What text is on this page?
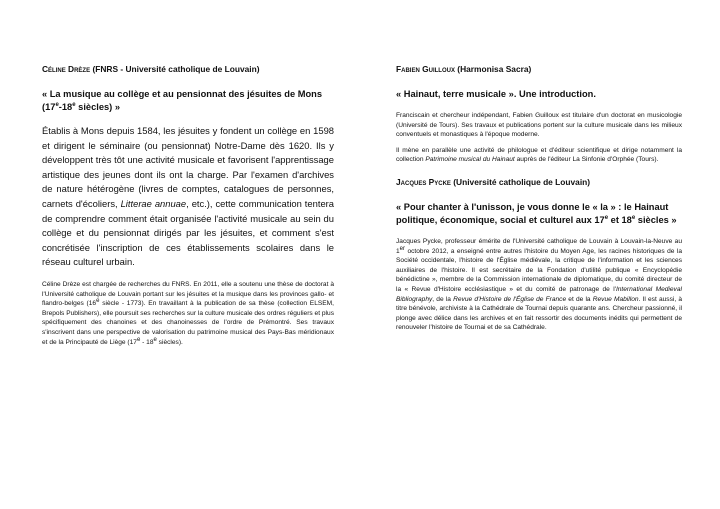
Céline Drèze (FNRS - Université catholique de Louvain)

« La musique au collège et au pensionnat des jésuites de Mons (17e-18e siècles) »

Établis à Mons depuis 1584, les jésuites y fondent un collège en 1598 et dirigent le séminaire (ou pensionnat) Notre-Dame dès 1620. Ils y développent très tôt une activité musicale et favorisent l'apprentissage artistique des jeunes dont ils ont la charge. Par l'examen d'archives de nature hétérogène (livres de comptes, catalogues de personnes, carnets d'écoliers, Litterae annuae, etc.), cette communication tentera de comprendre comment était organisée l'activité musicale au sein du collège et du pensionnat dirigés par les jésuites, et comment s'est concrétisée l'inscription de ces établissements scolaires dans le réseau culturel urbain.

Céline Drèze est chargée de recherches du FNRS. En 2011, elle a soutenu une thèse de doctorat à l'Université catholique de Louvain portant sur les jésuites et la musique dans les provinces gallo- et flandro-belges (16e siècle - 1773). En travaillant à la publication de sa thèse (collection ELSEM, Brepols Publishers), elle poursuit ses recherches sur la culture musicale des ordres réguliers et plus spécifiquement des chanoines et des chanoinesses de l'ordre de Prémontré. Ses travaux s'inscrivent dans une perspective de valorisation du patrimoine musical des Pays-Bas méridionaux et de la Principauté de Liège (17e - 18e siècles).

Fabien Guilloux (Harmonisa Sacra)

« Hainaut, terre musicale ». Une introduction.

Franciscain et chercheur indépendant, Fabien Guilloux est titulaire d'un doctorat en musicologie (Université de Tours). Ses travaux et publications portent sur la culture musicale dans les milieux conventuels et monastiques à l'époque moderne.

Il mène en parallèle une activité de philologue et d'éditeur scientifique et dirige notamment la collection Patrimoine musical du Hainaut auprès de l'éditeur La Sinfonie d'Orphée (Tours).

Jacques Pycke (Université catholique de Louvain)

« Pour chanter à l'unisson, je vous donne le « la » : le Hainaut politique, économique, social et culturel aux 17e et 18e siècles »

Jacques Pycke, professeur émérite de l'Université catholique de Louvain à Louvain-la-Neuve au 1er octobre 2012, a enseigné entre autres l'histoire du Moyen Age, les racines historiques de la Société occidentale, l'histoire de l'Église médiévale, la critique de l'information et les sciences auxiliaires de l'histoire. Il est secrétaire de la Fondation d'utilité publique « Encyclopédie bénédictine », membre de la Commission internationale de diplomatique, du comité directeur de la « Revue d'Histoire ecclésiastique » et du comité de patronage de l'International Medieval Bibliography, de la Revue d'Histoire de l'Église de France et de la Revue Mabillon. Il est aussi, à titre bénévole, archiviste à la Cathédrale de Tournai depuis quarante ans. Chercheur passionné, il plonge avec délice dans les archives et en fait ressortir des documents inédits qui permettent de renouveler l'histoire de Tournai et de sa Cathédrale.
